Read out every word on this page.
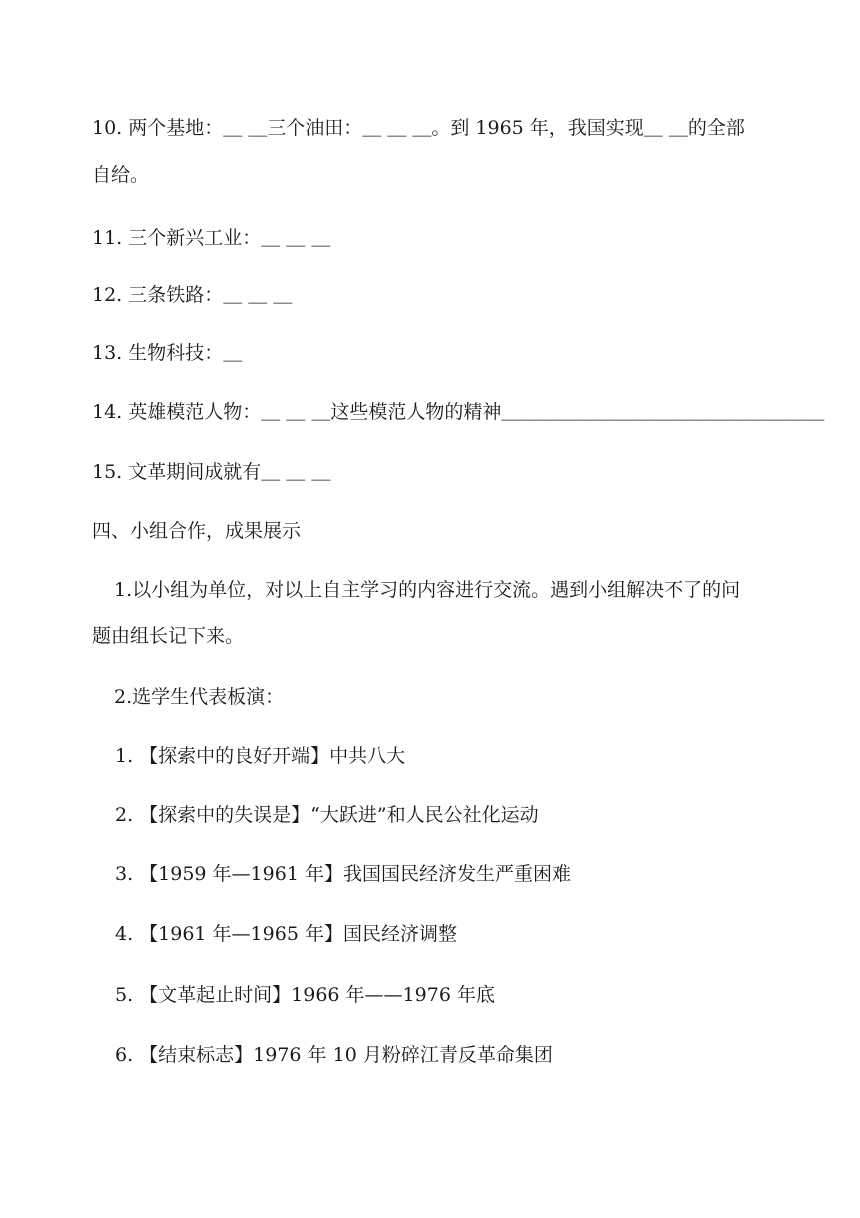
10. 两个基地：＿ ＿三个油田：＿ ＿ ＿。到 1965 年，我国实现＿ ＿的全部
自给。
11. 三个新兴工业：＿ ＿ ＿
12. 三条铁路：＿ ＿ ＿
13. 生物科技：＿
14. 英雄模范人物：＿ ＿ ＿这些模范人物的精神＿＿＿＿＿＿＿＿＿＿＿＿＿＿＿＿＿
15. 文革期间成就有＿ ＿ ＿
四、小组合作，成果展示
1.以小组为单位，对以上自主学习的内容进行交流。遇到小组解决不了的问
题由组长记下来。
2.选学生代表板演：
1. 【探索中的良好开端】中共八大
2. 【探索中的失误是】“大跃进”和人民公社化运动
3. 【1959 年—1961 年】我国国民经济发生严重困难
4. 【1961 年—1965 年】国民经济调整
5. 【文革起止时间】1966 年——1976 年底
6. 【结束标志】1976 年 10 月粉碎江青反革命集团
